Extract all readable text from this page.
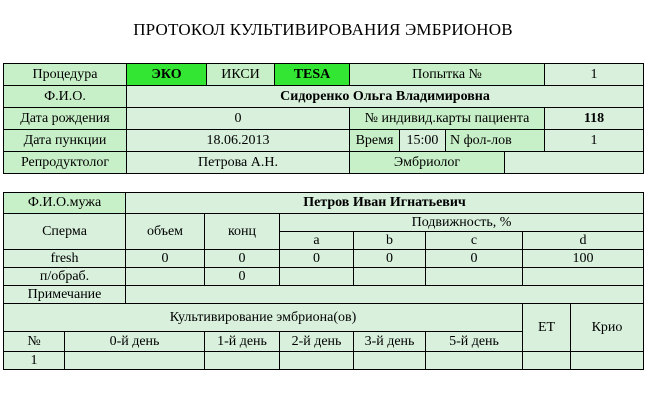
ПРОТОКОЛ КУЛЬТИВИРОВАНИЯ ЭМБРИОНОВ
Процедура	ЭКО	ИКСИ	TESA	Попытка №				1
Ф.И.О.	Сидоренко Ольга Владимировна							
Дата рождения	0			№ индивид.карты пациента				118
Дата пункции	18.06.2013			Время	15:00	N фол-лов		1
Репродуктолог	Петрова А.Н.			Эмбриолог				
Ф.И.О.мужа		Петров Иван Игнатьевич						
Сперма		объем	конц	Подвижность, %				
				a	b	c	d	
fresh		0	0	0	0	0	100	
п/обраб.			0					
Примечание								
Культивирование эмбриона(ов)							ЕТ	Крио
№	0-й день		1-й день	2-й день	3-й день	5-й день		
1								
